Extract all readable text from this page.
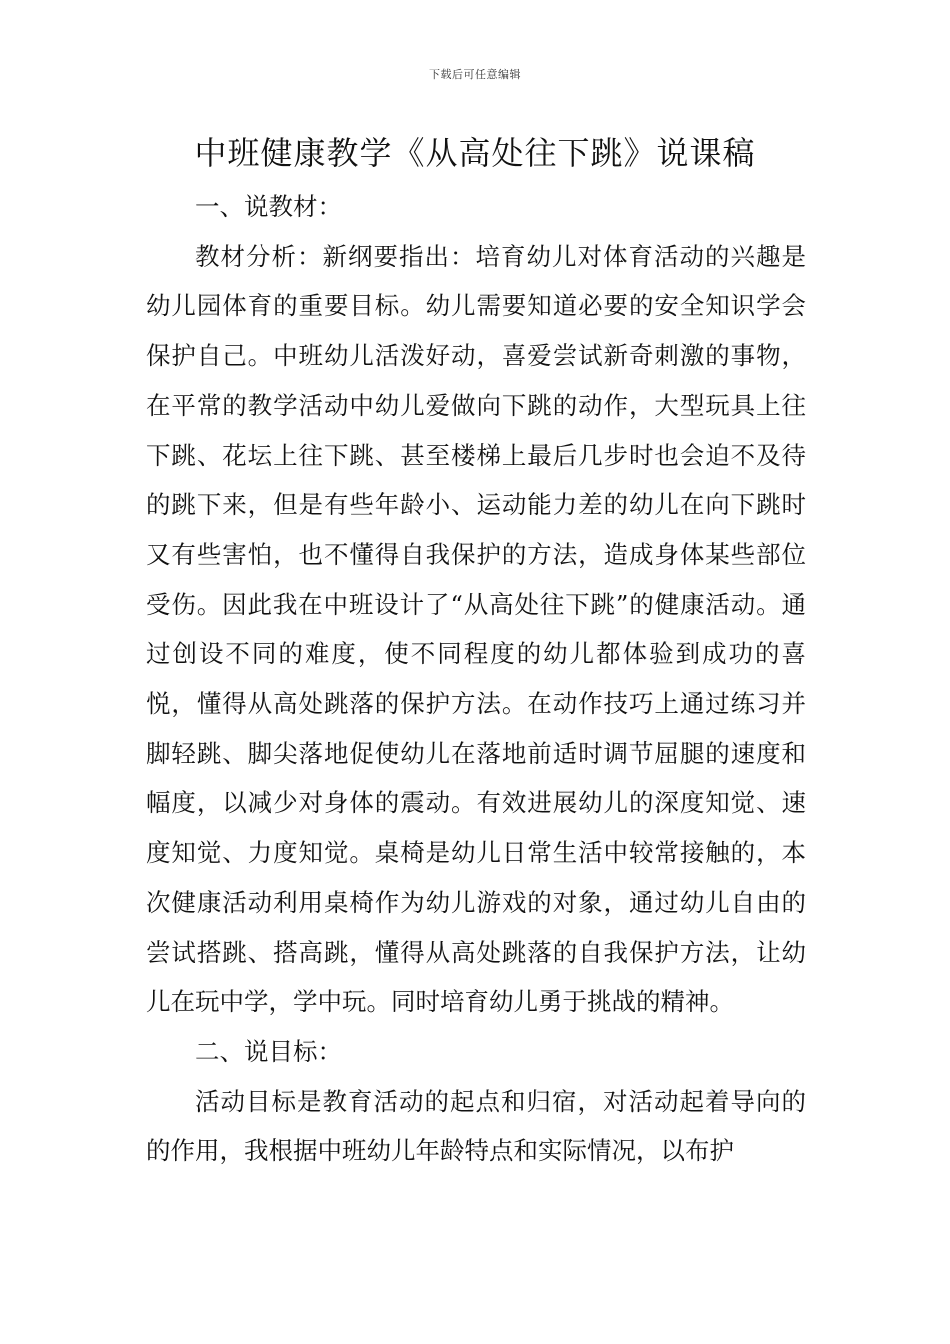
下载后可任意编辑
中班健康教学《从高处往下跳》说课稿

一、说教材：

教材分析：新纲要指出：培育幼儿对体育活动的兴趣是幼儿园体育的重要目标。幼儿需要知道必要的安全知识学会保护自己。中班幼儿活泼好动，喜爱尝试新奇刺激的事物，在平常的教学活动中幼儿爱做向下跳的动作，大型玩具上往下跳、花坛上往下跳、甚至楼梯上最后几步时也会迫不及待的跳下来，但是有些年龄小、运动能力差的幼儿在向下跳时又有些害怕，也不懂得自我保护的方法，造成身体某些部位受伤。因此我在中班设计了“从高处往下跳”的健康活动。通过创设不同的难度，使不同程度的幼儿都体验到成功的喜悦，懂得从高处跳落的保护方法。在动作技巧上通过练习并脚轻跳、脚尖落地促使幼儿在落地前适时调节屈腿的速度和幅度，以减少对身体的震动。有效进展幼儿的深度知觉、速度知觉、力度知觉。桌椅是幼儿日常生活中较常接触的，本次健康活动利用桌椅作为幼儿游戏的对象，通过幼儿自由的尝试搭跳、搭高跳，懂得从高处跳落的自我保护方法，让幼儿在玩中学，学中玩。同时培育幼儿勇于挑战的精神。

二、说目标：

活动目标是教育活动的起点和归宿，对活动起着导向的的作用，我根据中班幼儿年龄特点和实际情况，以布护
